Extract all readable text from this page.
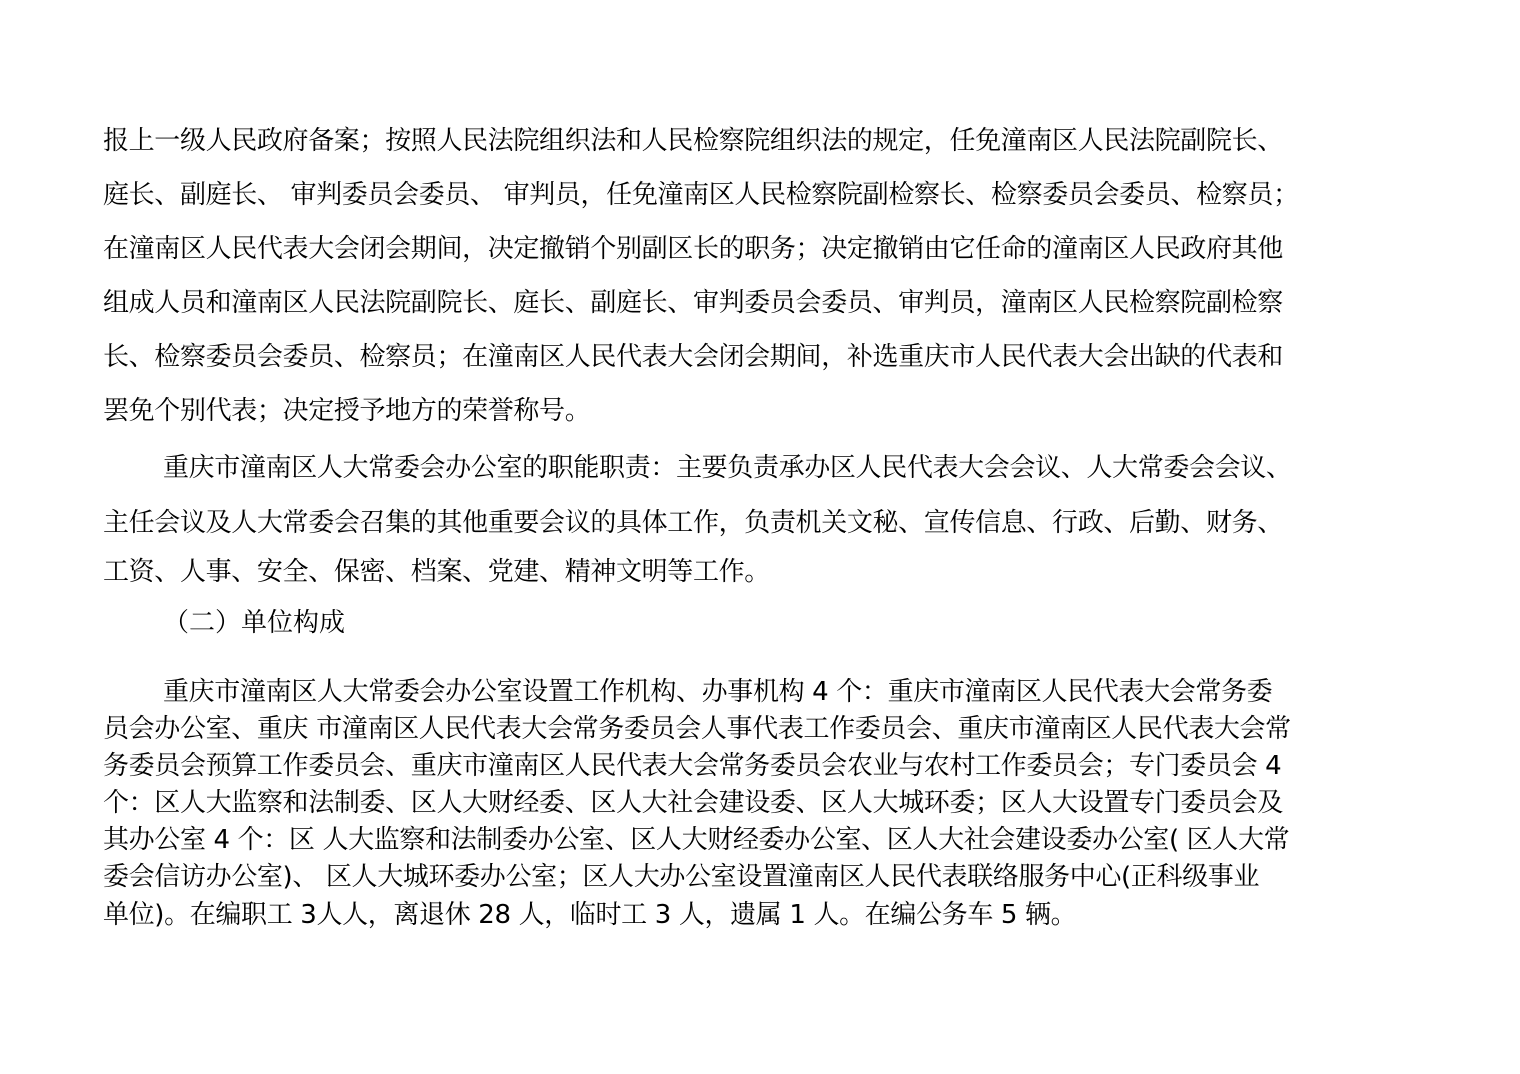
报上一级人民政府备案；按照人民法院组织法和人民检察院组织法的规定，任免潼南区人民法院副院长、
庭长、副庭长、 审判委员会委员、 审判员，任免潼南区人民检察院副检察长、检察委员会委员、检察员；
在潼南区人民代表大会闭会期间，决定撤销个别副区长的职务；决定撤销由它任命的潼南区人民政府其他
组成人员和潼南区人民法院副院长、庭长、副庭长、审判委员会委员、审判员，潼南区人民检察院副检察
长、检察委员会委员、检察员；在潼南区人民代表大会闭会期间，补选重庆市人民代表大会出缺的代表和
罢免个别代表；决定授予地方的荣誉称号。
重庆市潼南区人大常委会办公室的职能职责：主要负责承办区人民代表大会会议、人大常委会会议、
主任会议及人大常委会召集的其他重要会议的具体工作，负责机关文秘、宣传信息、行政、后勤、财务、
工资、人事、安全、保密、档案、党建、精神文明等工作。
（二）单位构成
重庆市潼南区人大常委会办公室设置工作机构、办事机构 4 个：重庆市潼南区人民代表大会常务委
员会办公室、重庆 市潼南区人民代表大会常务委员会人事代表工作委员会、重庆市潼南区人民代表大会常
务委员会预算工作委员会、重庆市潼南区人民代表大会常务委员会农业与农村工作委员会；专门委员会 4
个：区人大监察和法制委、区人大财经委、区人大社会建设委、区人大城环委；区人大设置专门委员会及
其办公室 4 个：区 人大监察和法制委办公室、区人大财经委办公室、区人大社会建设委办公室( 区人大常
委会信访办公室)、 区人大城环委办公室；区人大办公室设置潼南区人民代表联络服务中心(正科级事业
单位)。在编职工 3人人，离退休 28 人，临时工 3 人，遗属 1 人。在编公务车 5 辆。
